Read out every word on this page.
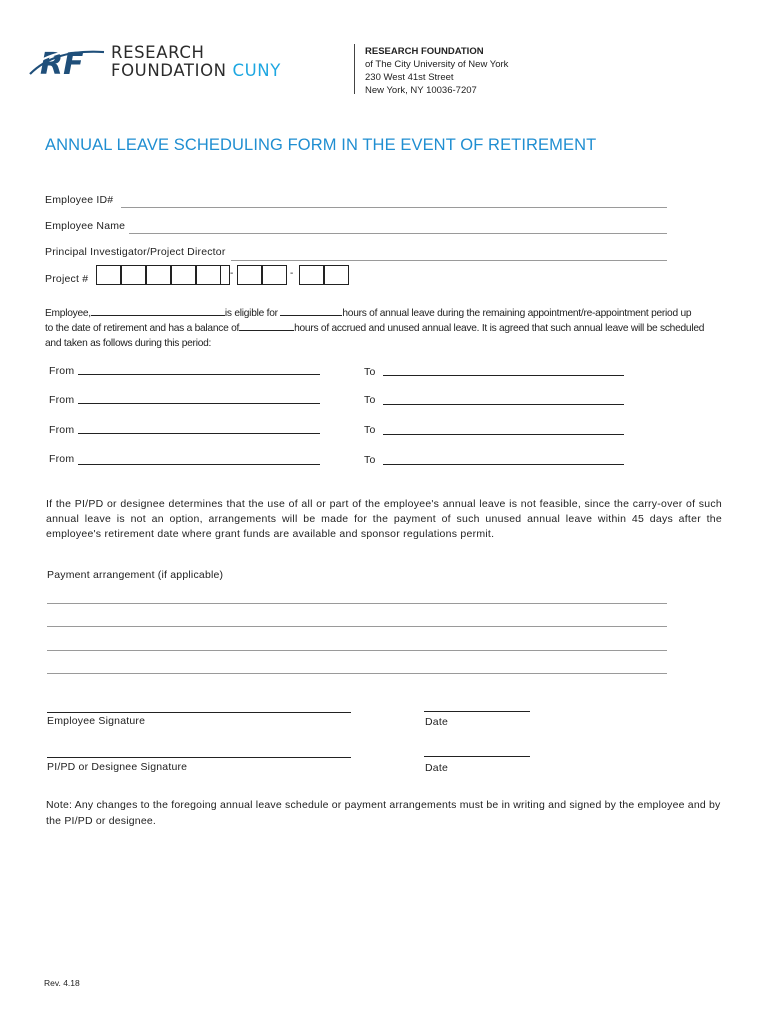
RF RESEARCH
FOUNDATION CUNY
RESEARCH FOUNDATION
of The City University of New York
230 West 41st Street
New York, NY 10036-7207
ANNUAL LEAVE SCHEDULING FORM IN THE EVENT OF RETIREMENT
Employee ID#
Employee Name
Principal Investigator/Project Director
Project #	-	-
Employee,	is eligible for	hours of annual leave during the remaining appointment/re-appointment period up
to the date of retirement and has a balance of	hours of accrued and unused annual leave. It is agreed that such annual leave will be scheduled
and taken as follows during this period:
From	To
From	To
From	To
From	To
If the PI/PD or designee determines that the use of all or part of the employee's annual leave is not feasible, since the carry-over of such annual leave is not an option, arrangements will be made for the payment of such unused annual leave within 45 days after the employee's retirement date where grant funds are available and sponsor regulations permit.
Payment arrangement (if applicable)
Employee Signature	Date
PI/PD or Designee Signature	Date
Note: Any changes to the foregoing annual leave schedule or payment arrangements must be in writing and signed by the employee and by the PI/PD or designee.
Rev. 4.18
